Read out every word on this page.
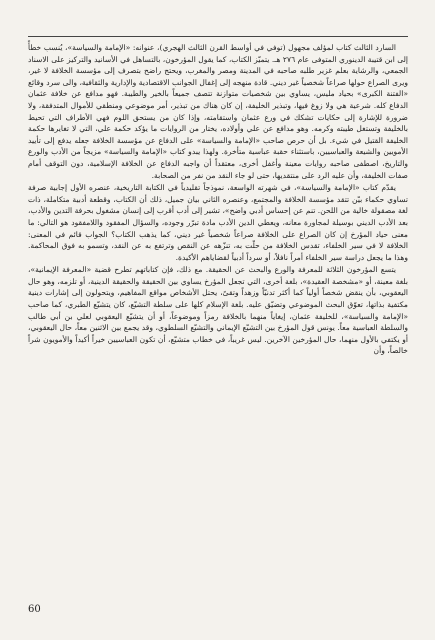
السارد الثالث كتاب لمؤلف مجهول (توفي في أواسط القرن الثالث الهجري)، عنوانه: «الإمامة والسياسة»، يُنسب خطأً إلى ابن قتيبة الدينوري المتوفى عام ٢٧٦ هـ. يتميّز الكتاب، كما يقول المؤرخون، بالتساهل في الأسانيد والتركيز على الاسناد الجمعي، والرشاية بعلم غزير طلبه صاحبه في المدينة ومصر والمغرب، ويحتج راضح بتصرف إلى مؤسسة الخلافة لا غير، ويرى الصراع حولها صراعاً شخصياً غير ديني. قادة منهجه إلى إغفال الجوانب الاقتصادية والإدارية والثقافية، والى سرد وقائع «الفتنة الكبرى» بحياد مليس، يساوي بين شخصيات متوازنة تتصف جميعاً بالخير والطيبة. فهو مدافع عن خلافة عثمان الدفاع كله. شرعية هي ولا زوغ فيها، وتبذير الخليفة، إن كان هناك من تبذير، أمر موضوعي ومنطقي للأموال المتدفقة، ولا ضرورة للإشارة إلى حكايات تشكك في ورع عثمان واستقامته، وإذا كان من يستحق اللوم فهي الأطراف التي تحيط بالخليفة وتستغل طيبته وكرمه. وهو مدافع عن علي وأولاده، يختار من الروايات ما يؤكد حكمة علي، التي لا تغايرها حكمة الخليفة القتيل في شيء. بل أن حرص صاحب «الإمامة والسياسة» على الدفاع عن مؤسسة الخلافة جعله يدفع إلى تأييد الأمويين والشيعة والعباسيين، باستثناء حقبة عباسية متأخرة. ولهذا يبدو كتاب «الإمامة والسياسة» مزيجاً من الأدب والورع والتاريخ، اصطفى صاحبه روايات معينة وأغفل أخرى، معتقداً أن واجبه الدفاع عن الخلافة الإسلامية، دون التوقف أمام صفات الخليفة، وأن عليه الرد على منتقديها، حتى لو جاء النقد من نفر من الصحابة.

يقدّم كتاب «الإمامة والسياسة»، في شهرته الواسعة، نموذجاً تقليدياً في الكتابة التاريخية، عنصره الأول إجابية صرفة تساوي حكماء بيّن تتقد مؤسسة الخلافة والمجتمع، وعنصره الثاني بيان جميل، ذلك أن الكتاب، وقطعة أدبية متكاملة، ذات لغة مصقولة خالية من اللحن. تنم عن إحساس أدبي واضح»، تشير إلى أدب أقرب إلى إنسان مشغول بحرفة التدين والأدب، بعد الأدب الديني بوسيلة لمجاورة معانه، ويعطي الدين الأدب مادة تبرّر وجوده، والسؤال المفقود واللامفقود هو التالي: ما معنى حياد المؤرخ إن كان الصراع على الخلافة صراعاً شخصياً غير ديني، كما يذهب الكتاب؟ الجواب قائم في المعنى: الخلافة لا في سير الخلفاء، تقدس الخلافة من حلّت به، تنزّهه عن النقص وترتفع به عن النقد، وتسمو به فوق المحاكمة. وهذا ما يجعل دراسة سير الخلفاء أمراً نافلاً، أو سرداً أدبياً لقضاياهم الأكيدة.

يتسع المؤرخون الثلاثة للمعرفة والورع والبحث عن الحقيقة. مع ذلك، فإن كتاباتهم تطرح قضية «المعرفة الإيمانية»، بلغة معينة، أو «مشخصة العقيدة»، بلغة أخرى، التي تجعل المؤرخ يساوي بين الحقيقة والحقيقة الدينية، أو تلزمه، وهو حال اليعقوبي، بأن ينقض شخصاً أولياً كما أكثر تدنيّاً وزهداً وتقىً، يحتل الأشخاص مواقع المفاهيم، ويتحولون إلى إشارات دينية مكتفية بذاتها، تعوّق البحث الموضوعي وتضيّق عليه. بلغة الإسلام كلها على سلطة التشيّع، كان يتشيّع الطبري، كما صاحب «الإمامة والسياسة»، للخليفة عثمان، إيغاياً منهما بالخلافة رمزاً وموضوعاً، أو أن يتشيّع اليعقوبي لعلي بن أبي طالب والسلطة العباسية معاً. يونس قول المؤرخ بين التشيّع الإيماني والتشيّع السلطوي، وقد يجمع بين الاثنين معاً، حال اليعقوبي، أو يكتفي بالأول منهما، حال المؤرخين الآخرين. ليس غريباً، في خطاب متشيّع، أن تكون العباسيين خيراً أكيداً والأمويون شراً خالصاً، وأن

60
